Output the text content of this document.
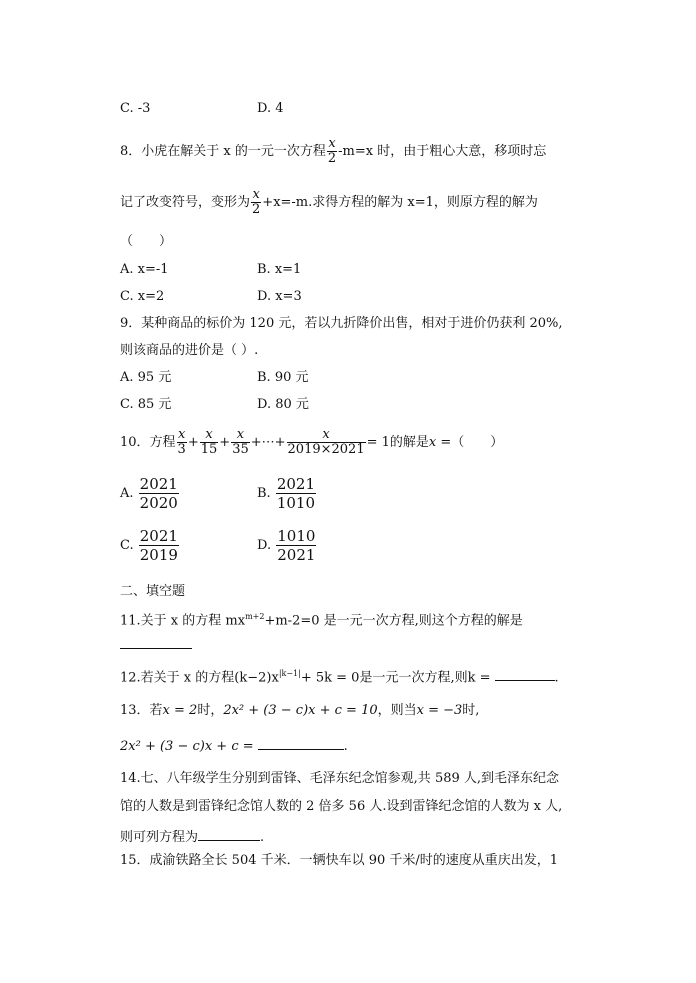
C. -3	D. 4
8．小虎在解关于 x 的一元一次方程 $\frac{x}{2} -m=x$ 时，由于粗心大意，移项时忘
记了改变符号，变形为 $\frac{x}{2} +x=-m$.求得方程的解为 x=1，则原方程的解为
（　　）
A. x=-1	B. x=1
C. x=2	D. x=3
9．某种商品的标价为 120 元，若以九折降价出售，相对于进价仍获利 20%,
则该商品的进价是（ ）.
A. 95 元	B. 90 元
C. 85 元	D. 80 元
10．方程 $\frac{x}{3} + \frac{x}{15} + \frac{x}{35}$ +⋯+ $\frac{x}{2019\times 2021} = 1$的解是x =（　　）
A. $\frac{2021}{2020}$	B. $\frac{2021}{1010}$
C. $\frac{2021}{2019}$	D. $\frac{1010}{2021}$
二、填空题
11.关于 x 的方程 $mx^{m+2}+m-2=0$ 是一元一次方程,则这个方程的解是
12.若关于 x 的方程$(k-2)x^{|k-1|}+ 5k = 0$是一元一次方程,则k =	.
13．若x = 2时，2x² + (3 − c)x + c = 10，则当x = −3时,
2x² + (3 − c)x + c =	.
14.七、八年级学生分别到雷锋、毛泽东纪念馆参观,共 589 人,到毛泽东纪念
馆的人数是到雷锋纪念馆人数的 2 倍多 56 人.设到雷锋纪念馆的人数为 x 人,
则可列方程为	.
15．成渝铁路全长 504 千米．一辆快车以 90 千米/时的速度从重庆出发，1
